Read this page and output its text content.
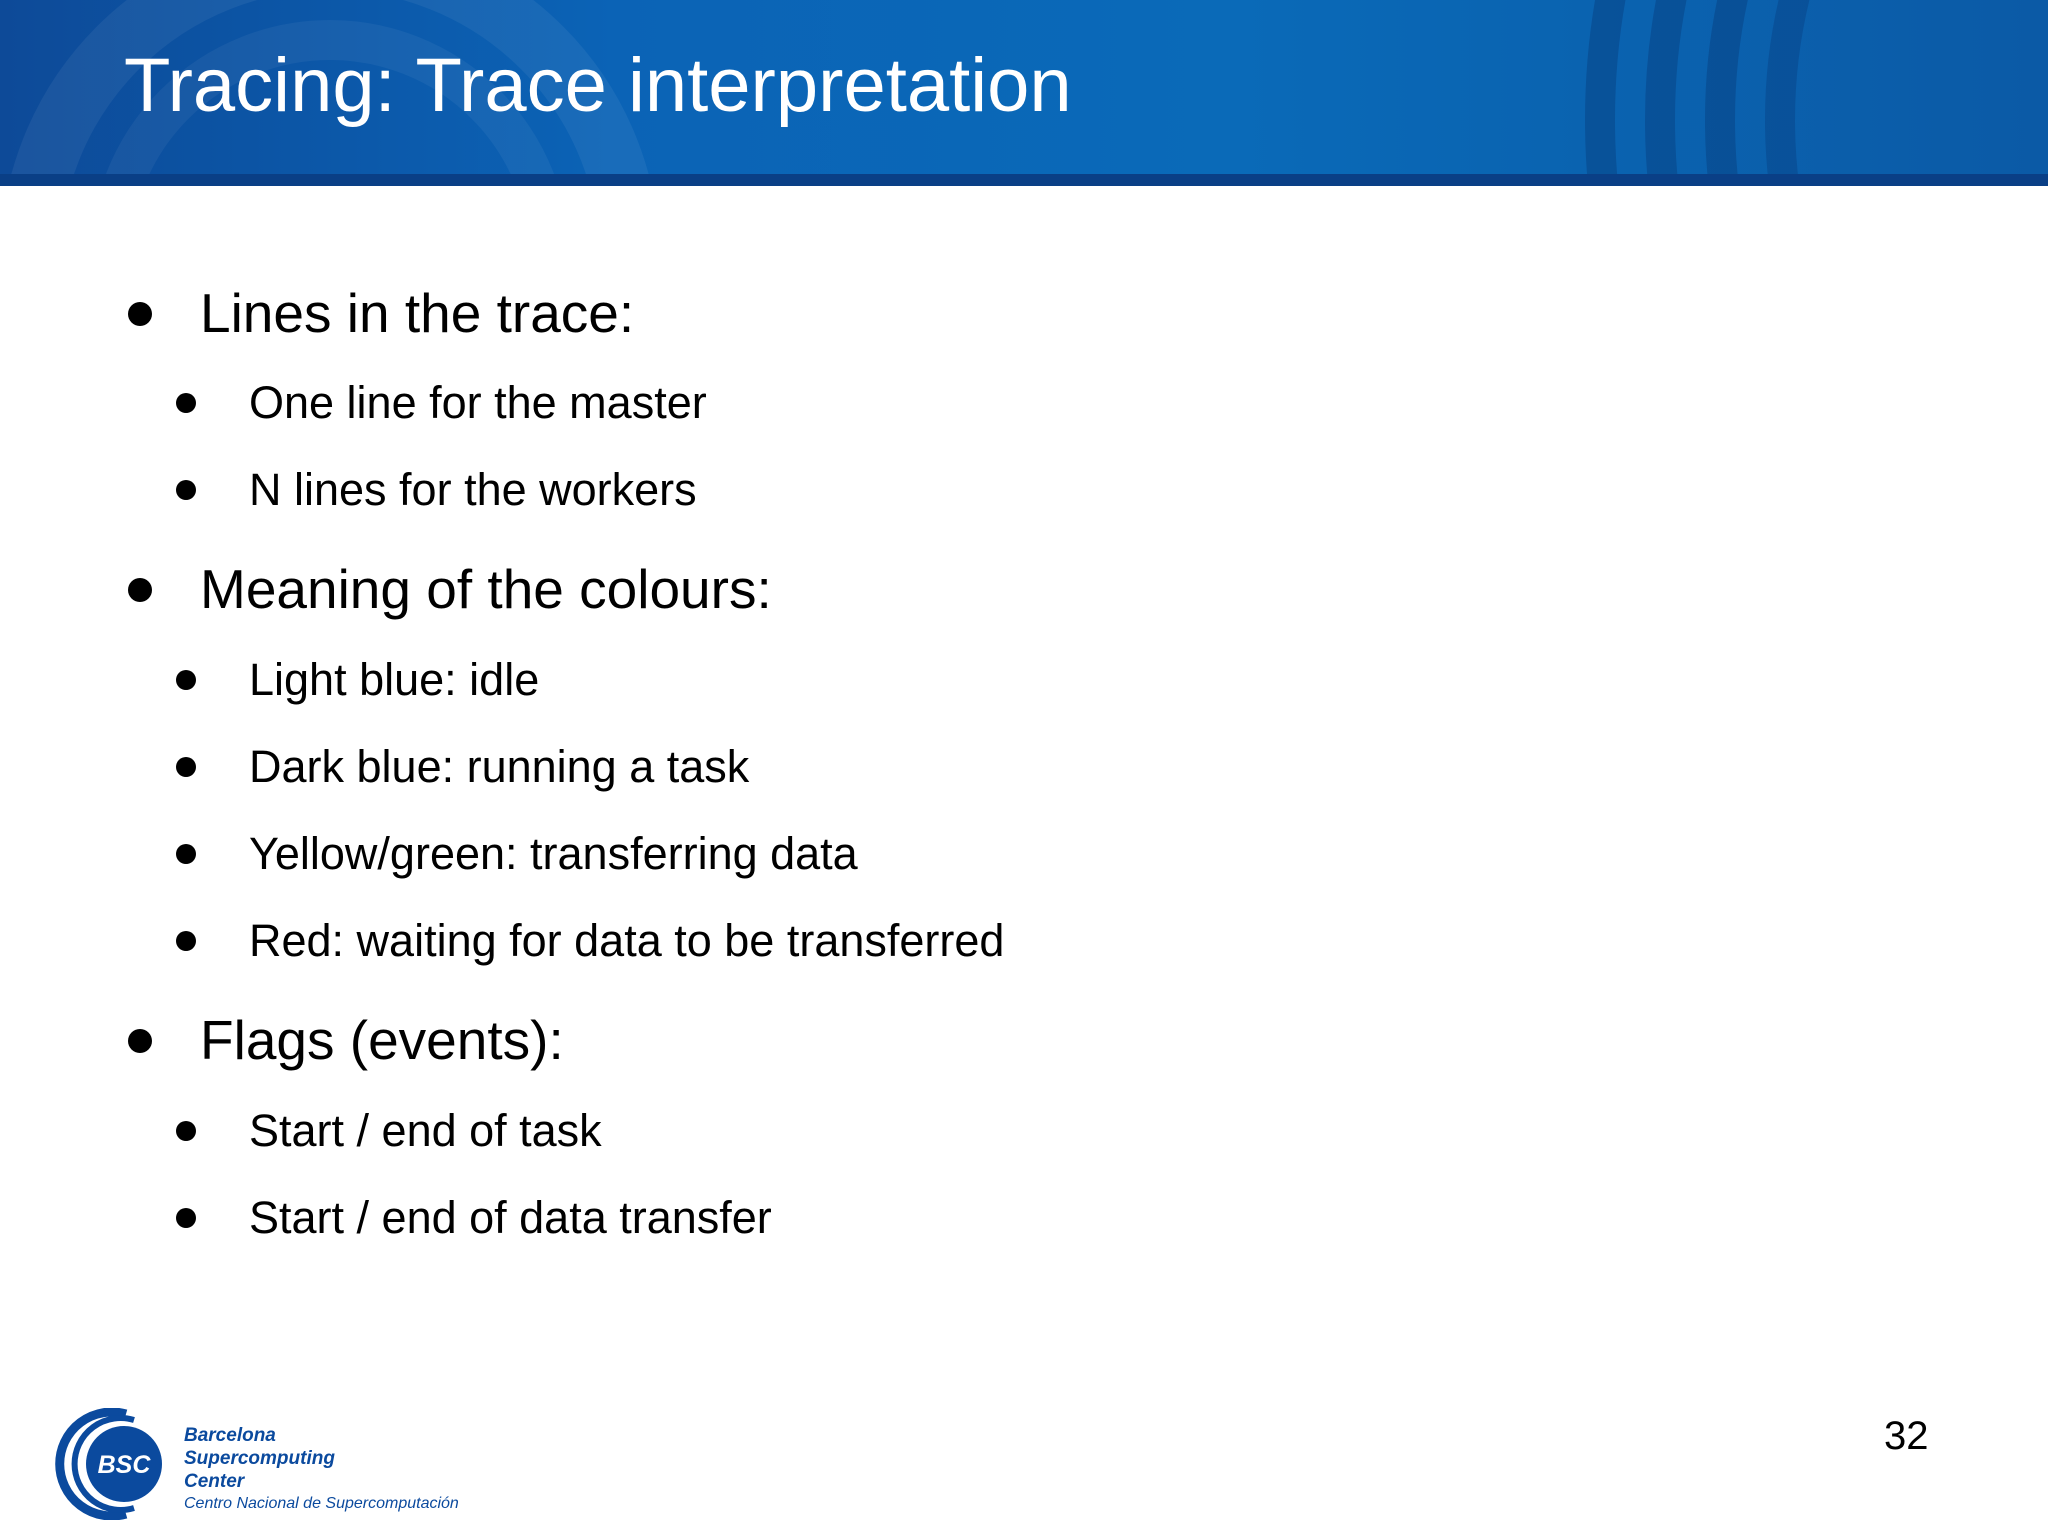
Tracing: Trace interpretation
Lines in the trace:
One line for the master
N lines for the workers
Meaning of the colours:
Light blue: idle
Dark blue: running a task
Yellow/green: transferring data
Red: waiting for data to be transferred
Flags (events):
Start / end of task
Start / end of data transfer
BSC
Barcelona
Supercomputing
Center
Centro Nacional de Supercomputación
32
